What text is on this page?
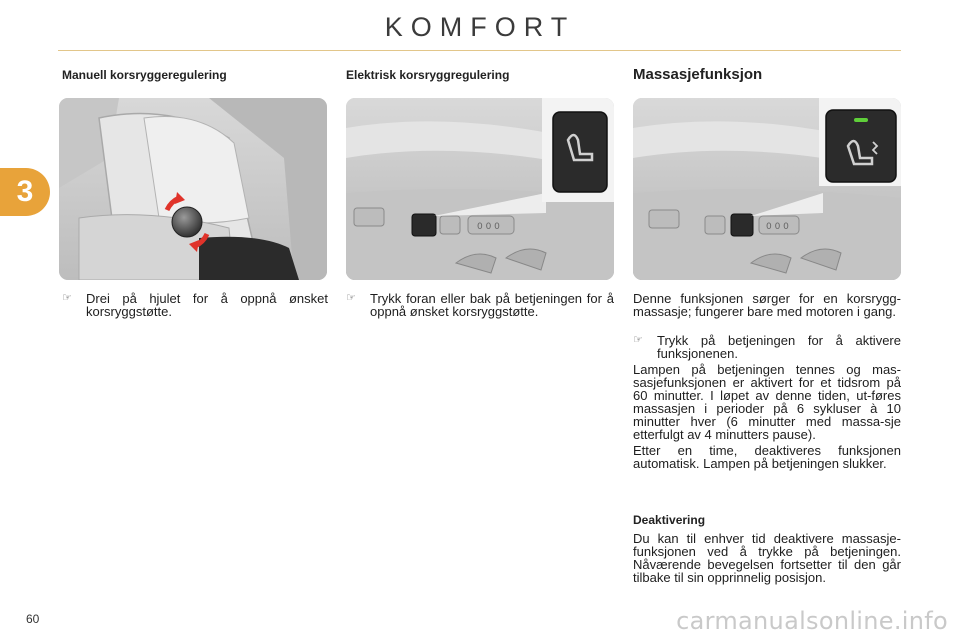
KOMFORT
3
Manuell korsryggeregulering
☞	Drei på hjulet for å oppnå ønsket korsryggstøtte.
Elektrisk korsryggregulering
0 0 0
☞	Trykk foran eller bak på betjeningen for å oppnå ønsket korsryggstøtte.
Massasjefunksjon
0 0 0
Denne funksjonen sørger for en korsrygg-massasje; fungerer bare med motoren i gang.
☞	Trykk på betjeningen for å aktivere funksjonenen.
Lampen på betjeningen tennes og mas-sasjefunksjonen er aktivert for et tidsrom på 60 minutter. I løpet av denne tiden, ut-føres massasjen i perioder på 6 sykluser à 10 minutter hver (6 minutter med massa-sje etterfulgt av 4 minutters pause).
Etter en time, deaktiveres funksjonen automatisk. Lampen på betjeningen slukker.
Deaktivering
Du kan til enhver tid deaktivere massasje-funksjonen ved å trykke på betjeningen. Nåværende bevegelsen fortsetter til den går tilbake til sin opprinnelig posisjon.
60	carmanualsonline.info
